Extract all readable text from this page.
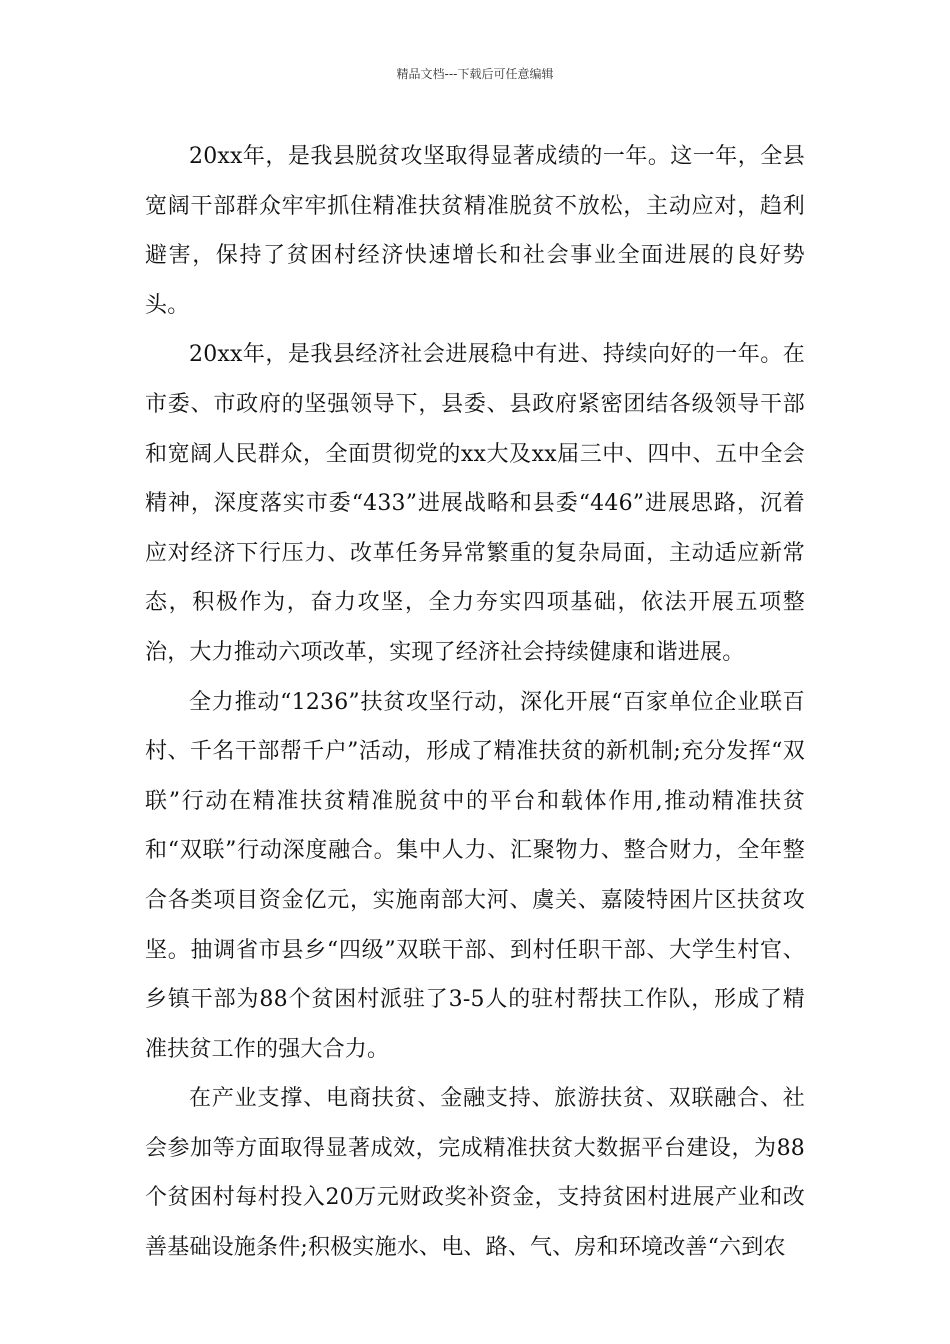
精品文档---下载后可任意编辑

20xx年，是我县脱贫攻坚取得显著成绩的一年。这一年，全县宽阔干部群众牢牢抓住精准扶贫精准脱贫不放松，主动应对，趋利避害，保持了贫困村经济快速增长和社会事业全面进展的良好势头。

20xx年，是我县经济社会进展稳中有进、持续向好的一年。在市委、市政府的坚强领导下，县委、县政府紧密团结各级领导干部和宽阔人民群众，全面贯彻党的xx大及xx届三中、四中、五中全会精神，深度落实市委“433”进展战略和县委“446”进展思路，沉着应对经济下行压力、改革任务异常繁重的复杂局面，主动适应新常态，积极作为，奋力攻坚，全力夯实四项基础，依法开展五项整治，大力推动六项改革，实现了经济社会持续健康和谐进展。

全力推动“1236”扶贫攻坚行动，深化开展“百家单位企业联百村、千名干部帮千户”活动，形成了精准扶贫的新机制;充分发挥“双联”行动在精准扶贫精准脱贫中的平台和载体作用,推动精准扶贫和“双联”行动深度融合。集中人力、汇聚物力、整合财力，全年整合各类项目资金亿元，实施南部大河、虞关、嘉陵特困片区扶贫攻坚。抽调省市县乡“四级”双联干部、到村任职干部、大学生村官、乡镇干部为88个贫困村派驻了3-5人的驻村帮扶工作队，形成了精准扶贫工作的强大合力。

在产业支撑、电商扶贫、金融支持、旅游扶贫、双联融合、社会参加等方面取得显著成效，完成精准扶贫大数据平台建设，为88个贫困村每村投入20万元财政奖补资金，支持贫困村进展产业和改善基础设施条件;积极实施水、电、路、气、房和环境改善“六到农
